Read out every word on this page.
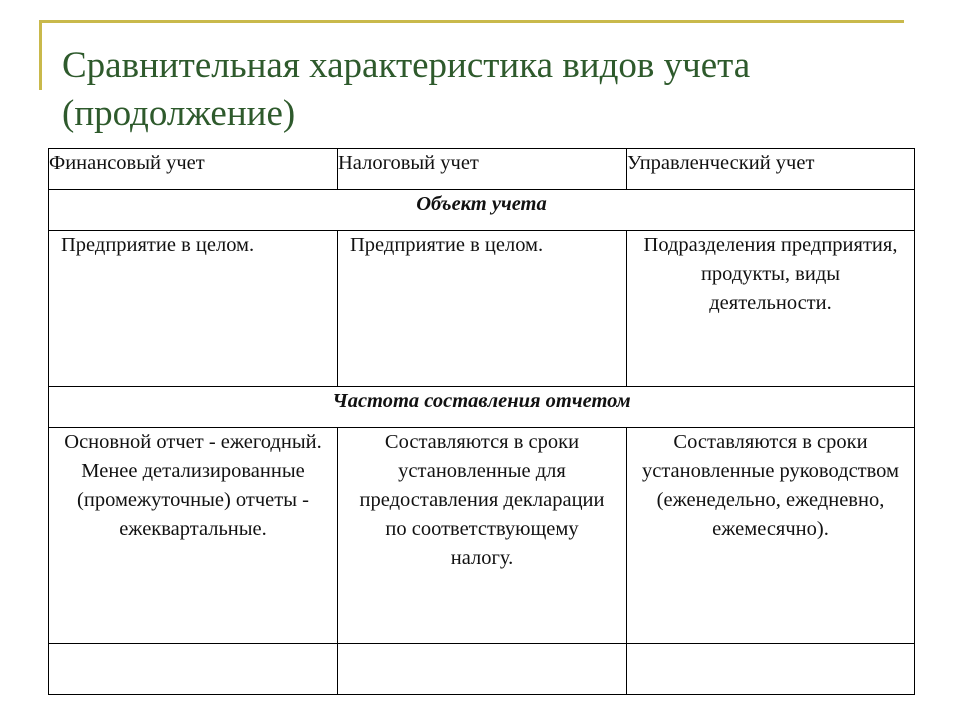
Сравнительная характеристика видов учета (продолжение)
Финансовый учет	Налоговый учет	Управленческий учет
Объект учета		
Предприятие в целом.	Предприятие в целом.	Подразделения предприятия, продукты, виды деятельности.

Частота составления отчетом		

Основной отчет - ежегодный. Менее детализированные (промежуточные) отчеты - ежеквартальные.	Составляются в сроки установленные для предоставления декларации по соответствующему налогу.	Составляются в сроки установленные руководством (еженедельно, ежедневно, ежемесячно).
